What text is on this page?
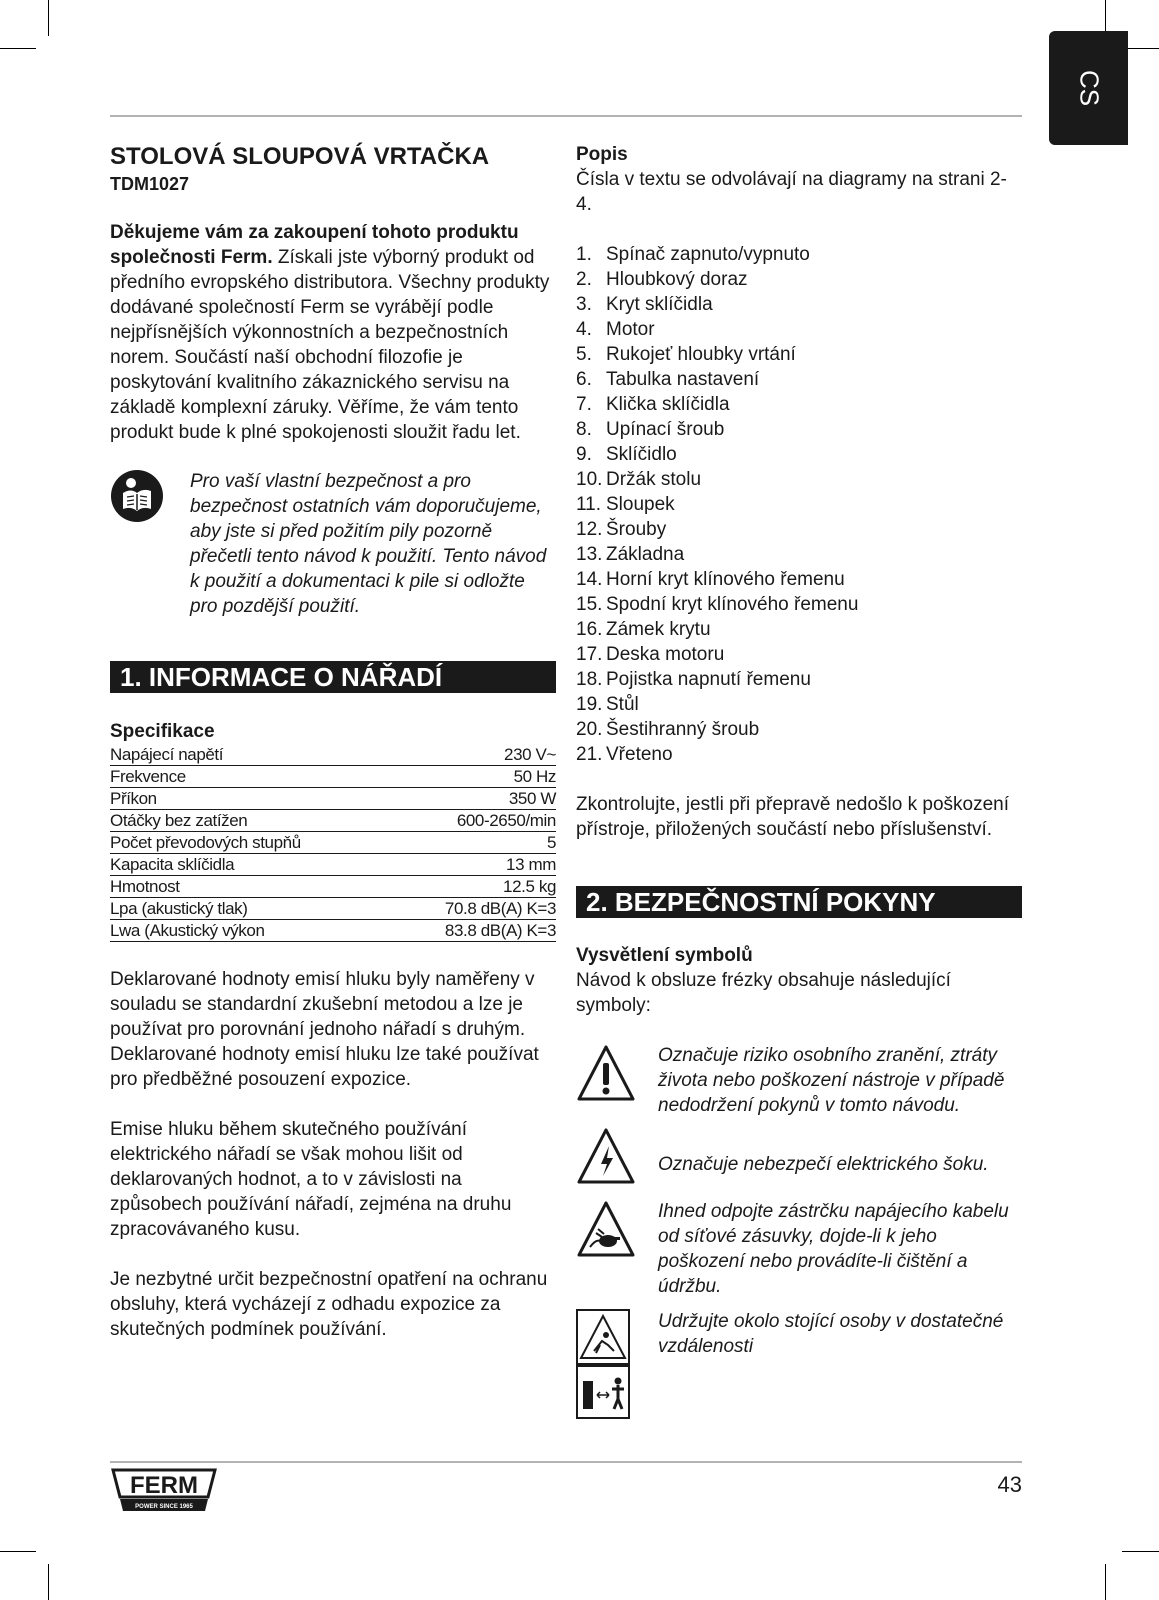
CS
STOLOVÁ SLOUPOVÁ VRTAČKA

TDM1027

Děkujeme vám za zakoupení tohoto produktu společnosti Ferm. Získali jste výborný produkt od předního evropského distributora. Všechny produkty dodávané společností Ferm se vyrábějí podle nejpřísnějších výkonnostních a bezpečnostních norem. Součástí naší obchodní filozofie je poskytování kvalitního zákaznického servisu na základě komplexní záruky. Věříme, že vám tento produkt bude k plné spokojenosti sloužit řadu let.

Pro vaší vlastní bezpečnost a pro bezpečnost ostatních vám doporučujeme, aby jste si před požitím pily pozorně přečetli tento návod k použití. Tento návod k použití a dokumentaci k pile si odložte pro pozdější použití.

1. INFORMACE O NÁŘADÍ

Specifikace

Napájecí napětí	230 V~
Frekvence	50 Hz
Příkon	350 W
Otáčky bez zatížen	600-2650/min
Počet převodových stupňů	5
Kapacita sklíčidla	13 mm
Hmotnost	12.5 kg
Lpa (akustický tlak)	70.8 dB(A) K=3
Lwa (Akustický výkon	83.8 dB(A) K=3

Deklarované hodnoty emisí hluku byly naměřeny v souladu se standardní zkušební metodou a lze je používat pro porovnání jednoho nářadí s druhým. Deklarované hodnoty emisí hluku lze také používat pro předběžné posouzení expozice.

Emise hluku během skutečného používání elektrického nářadí se však mohou lišit od deklarovaných hodnot, a to v závislosti na způsobech používání nářadí, zejména na druhu zpracovávaného kusu.

Je nezbytné určit bezpečnostní opatření na ochranu obsluhy, která vycházejí z odhadu expozice za skutečných podmínek používání.

Popis

Čísla v textu se odvolávají na diagramy na strani 2-4.

1. Spínač zapnuto/vypnuto
2. Hloubkový doraz
3. Kryt sklíčidla
4. Motor
5. Rukojeť hloubky vrtání
6. Tabulka nastavení
7. Klička sklíčidla
8. Upínací šroub
9. Sklíčidlo
10. Držák stolu
11. Sloupek
12. Šrouby
13. Základna
14. Horní kryt klínového řemenu
15. Spodní kryt klínového řemenu
16. Zámek krytu
17. Deska motoru
18. Pojistka napnutí řemenu
19. Stůl
20. Šestihranný šroub
21. Vřeteno

Zkontrolujte, jestli při přepravě nedošlo k poškození přístroje, přiložených součástí nebo příslušenství.

2. BEZPEČNOSTNÍ POKYNY

Vysvětlení symbolů

Návod k obsluze frézky obsahuje následující symboly:

Označuje riziko osobního zranění, ztráty života nebo poškození nástroje v případě nedodržení pokynů v tomto návodu.

Označuje nebezpečí elektrického šoku.

Ihned odpojte zástrčku napájecího kabelu od síťové zásuvky, dojde-li k jeho poškození nebo provádíte-li čištění a údržbu.

Udržujte okolo stojící osoby v dostatečné vzdálenosti

FERM
POWER SINCE 1965
43
